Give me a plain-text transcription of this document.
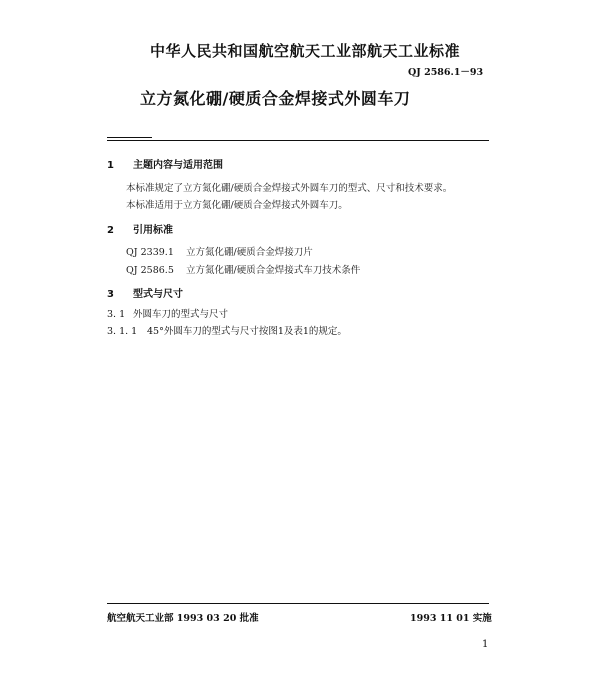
中华人民共和国航空航天工业部航天工业标准
QJ 2586.1－93
立方氮化硼/硬质合金焊接式外圆车刀
1 主题内容与适用范围
本标准规定了立方氮化硼/硬质合金焊接式外圆车刀的型式、尺寸和技术要求。
本标准适用于立方氮化硼/硬质合金焊接式外圆车刀。
2 引用标准
QJ 2339.1 立方氮化硼/硬质合金焊接刀片
QJ 2586.5 立方氮化硼/硬质合金焊接式车刀技术条件
3 型式与尺寸
3. 1 外圆车刀的型式与尺寸
3. 1. 1 45°外圆车刀的型式与尺寸按图1及表1的规定。
航空航天工业部 1993 03 20 批准	1993 11 01 实施
1
